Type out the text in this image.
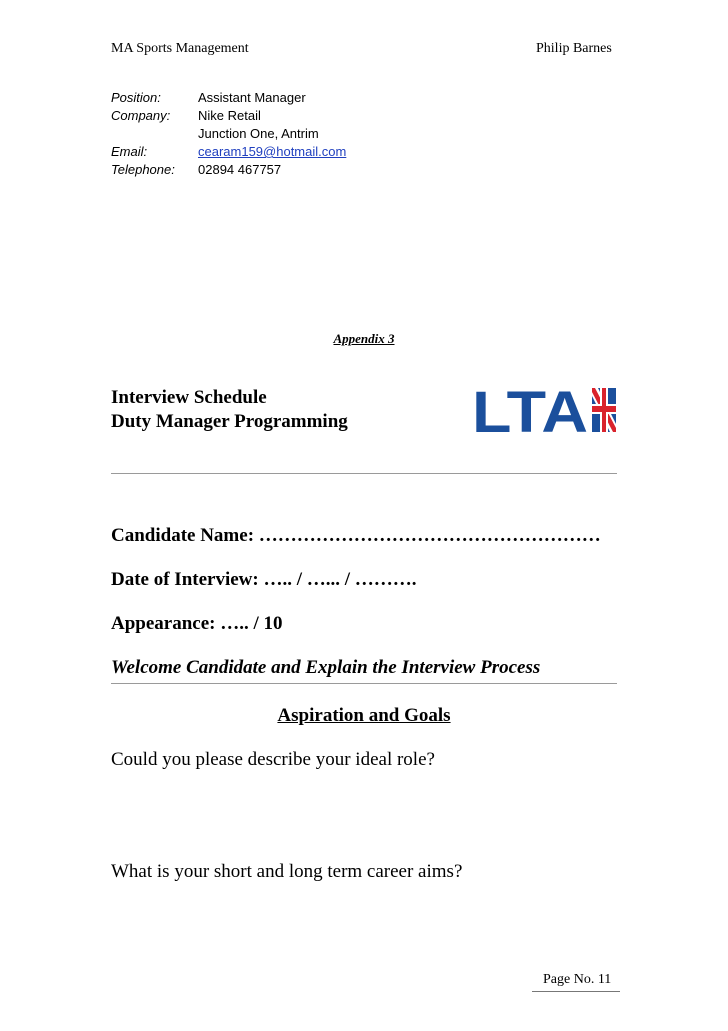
MA Sports Management	Philip Barnes
Position:	Assistant Manager
Company:	Nike Retail
Junction One, Antrim
Email:	cearam159@hotmail.com
Telephone:	02894 467757
Appendix 3
Interview Schedule
Duty Manager Programming LTA
Candidate Name: ………………………………………………
Date of Interview: ….. / …... / ……….
Appearance: ….. / 10
Welcome Candidate and Explain the Interview Process
Aspiration and Goals
Could you please describe your ideal role?
What is your short and long term career aims?
Page No. 11
